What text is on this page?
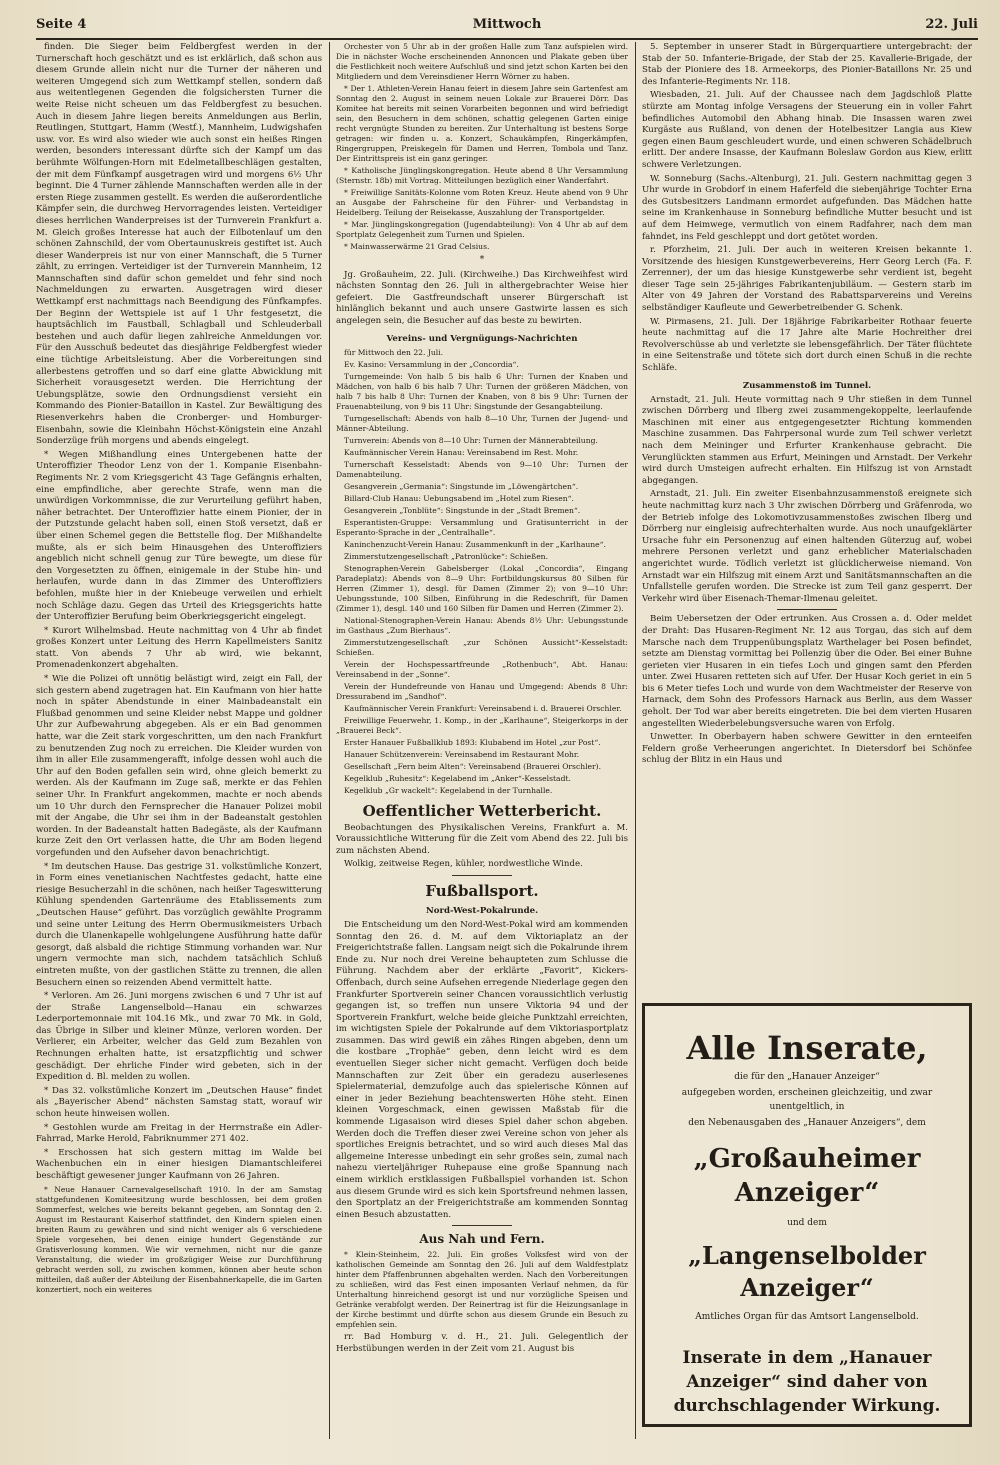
Seite 4	Mittwoch	22. Juli

finden. Die Sieger beim Feldbergfest werden in der Turnerschaft hoch geschätzt und es ist erklärlich, daß schon aus diesem Grunde allein nicht nur die Turner der näheren und weiteren Umgegend sich zum Wettkampf stellen, sondern daß aus weitentlegenen Gegenden die folgsichersten Turner die weite Reise nicht scheuen um das Feldbergfest zu besuchen. Auch in diesem Jahre liegen bereits Anmeldungen aus Berlin, Reutlingen, Stuttgart, Hamm (Westf.), Mannheim, Ludwigshafen usw. vor. Es wird also wieder wie auch sonst ein heißes Ringen werden, besonders interessant dürfte sich der Kampf um das berühmte Wölfungen-Horn mit Edelmetallbeschlägen gestalten, der mit dem Fünfkampf ausgetragen wird und morgens 6½ Uhr beginnt. Die 4 Turner zählende Mannschaften werden alle in der ersten Riege zusammen gestellt. Es werden die außerordentliche Kämpfer sein, die durchweg Hervorragendes leisten. Verteidiger dieses herrlichen Wanderpreises ist der Turnverein Frankfurt a. M. Gleich großes Interesse hat auch der Eilbotenlauf um den schönen Zahnschild, der vom Obertaunuskreis gestiftet ist. Auch dieser Wanderpreis ist nur von einer Mannschaft, die 5 Turner zählt, zu erringen. Verteidiger ist der Turnverein Mannheim, 12 Mannschaften sind dafür schon gemeldet und fehr sind noch Nachmeldungen zu erwarten. Ausgetragen wird dieser Wettkampf erst nachmittags nach Beendigung des Fünfkampfes. Der Beginn der Wettspiele ist auf 1 Uhr festgesetzt, die hauptsächlich im Faustball, Schlagball und Schleuderball bestehen und auch dafür liegen zahlreiche Anmeldungen vor. Für den Ausschuß bedeutet das diesjährige Feldbergfest wieder eine tüchtige Arbeitsleistung. Aber die Vorbereitungen sind allerbestens getroffen und so darf eine glatte Abwicklung mit Sicherheit vorausgesetzt werden. Die Herrichtung der Uebungsplätze, sowie den Ordnungsdienst versieht ein Kommando des Pionier-Bataillon in Kastel. Zur Bewältigung des Riesenverkehrs haben die Cronberger- und Homburger-Eisenbahn, sowie die Kleinbahn Höchst-Königstein eine Anzahl Sonderzüge früh morgens und abends eingelegt.

* Wegen Mißhandlung eines Untergebenen hatte der Unteroffizier Theodor Lenz von der 1. Kompanie Eisenbahn-Regiments Nr. 2 vom Kriegsgericht 43 Tage Gefängnis erhalten, eine empfindliche, aber gerechte Strafe, wenn man die unwürdigen Vorkommnisse, die zur Verurteilung geführt haben, näher betrachtet. Der Unteroffizier hatte einem Pionier, der in der Putzstunde gelacht haben soll, einen Stoß versetzt, daß er über einen Schemel gegen die Bettstelle flog. Der Mißhandelte mußte, als er sich beim Hinausgehen des Unteroffiziers angeblich nicht schnell genug zur Türe bewegte, um diese für den Vorgesetzten zu öffnen, einigemale in der Stube hin- und herlaufen, wurde dann in das Zimmer des Unteroffiziers befohlen, mußte hier in der Kniebeuge verweilen und erhielt noch Schläge dazu. Gegen das Urteil des Kriegsgerichts hatte der Unteroffizier Berufung beim Oberkriegsgericht eingelegt.

* Kurort Wilhelmsbad. Heute nachmittag von 4 Uhr ab findet großes Konzert unter Leitung des Herrn Kapellmeisters Sanitz statt. Von abends 7 Uhr ab wird, wie bekannt, Promenadenkonzert abgehalten.

* Wie die Polizei oft unnötig belästigt wird, zeigt ein Fall, der sich gestern abend zugetragen hat. Ein Kaufmann von hier hatte noch in später Abendstunde in einer Mainbadeanstalt ein Flußbad genommen und seine Kleider nebst Mappe und goldner Uhr zur Aufbewahrung abgegeben. Als er ein Bad genommen hatte, war die Zeit stark vorgeschritten, um den nach Frankfurt zu benutzenden Zug noch zu erreichen. Die Kleider wurden von ihm in aller Eile zusammengerafft, infolge dessen wohl auch die Uhr auf den Boden gefallen sein wird, ohne gleich bemerkt zu werden. Als der Kaufmann im Zuge saß, merkte er das Fehlen seiner Uhr. In Frankfurt angekommen, machte er noch abends um 10 Uhr durch den Fernsprecher die Hanauer Polizei mobil mit der Angabe, die Uhr sei ihm in der Badeanstalt gestohlen worden. In der Badeanstalt hatten Badegäste, als der Kaufmann kurze Zeit den Ort verlassen hatte, die Uhr am Boden liegend vorgefunden und den Aufseher davon benachrichtigt.

* Im deutschen Hause. Das gestrige 31. volkstümliche Konzert, in Form eines venetianischen Nachtfestes gedacht, hatte eine riesige Besucherzahl in die schönen, nach heißer Tageswitterung Kühlung spendenden Gartenräume des Etablissements zum „Deutschen Hause“ geführt. Das vorzüglich gewählte Programm und seine unter Leitung des Herrn Obermusikmeisters Urbach durch die Ulanenkapelle wohlgelungene Ausführung hatte dafür gesorgt, daß alsbald die richtige Stimmung vorhanden war. Nur ungern vermochte man sich, nachdem tatsächlich Schluß eintreten mußte, von der gastlichen Stätte zu trennen, die allen Besuchern einen so reizenden Abend vermittelt hatte.

* Verloren. Am 26. Juni morgens zwischen 6 und 7 Uhr ist auf der Straße Langenselbold—Hanau ein schwarzes Lederportemonnaie mit 104.16 Mk., und zwar 70 Mk. in Gold, das Übrige in Silber und kleiner Münze, verloren worden. Der Verlierer, ein Arbeiter, welcher das Geld zum Bezahlen von Rechnungen erhalten hatte, ist ersatzpflichtig und schwer geschädigt. Der ehrliche Finder wird gebeten, sich in der Expedition d. Bl. melden zu wollen.

* Das 32. volkstümliche Konzert im „Deutschen Hause“ findet als „Bayerischer Abend“ nächsten Samstag statt, worauf wir schon heute hinweisen wollen.

* Gestohlen wurde am Freitag in der Herrnstraße ein Adler-Fahrrad, Marke Herold, Fabriknummer 271 402.

* Erschossen hat sich gestern mittag im Walde bei Wachenbuchen ein in einer hiesigen Diamantschleiferei beschäftigt gewesener junger Kaufmann von 26 Jahren.

* Neue Hanauer Carnevalgesellschaft 1910. In der am Samstag stattgefundenen Komiteesitzung wurde beschlossen, bei dem großen Sommerfest, welches wie bereits bekannt gegeben, am Sonntag den 2. August im Restaurant Kaiserhof stattfindet, den Kindern spielen einen breiten Raum zu gewähren und sind nicht weniger als 6 verschiedene Spiele vorgesehen, bei denen einige hundert Gegenstände zur Gratisverlosung kommen. Wie wir vernehmen, nicht nur die ganze Veranstaltung, die wieder im großzügiger Weise zur Durchführung gebracht werden soll, zu zwischen kommen, können aber heute schon mitteilen, daß außer der Abteilung der Eisenbahnerkapelle, die im Garten konzertiert, noch ein weiteres

Orchester von 5 Uhr ab in der großen Halle zum Tanz aufspielen wird. Die in nächster Woche erscheinenden Annoncen und Plakate geben über die Festlichkeit noch weitere Aufschluß und sind jetzt schon Karten bei den Mitgliedern und dem Vereinsdiener Herrn Wörner zu haben.

* Der 1. Athleten-Verein Hanau feiert in diesem Jahre sein Gartenfest am Sonntag den 2. August in seinem neuen Lokale zur Brauerei Dörr. Das Komitee hat bereits mit seinen Vorarbeiten begonnen und wird befriedigt sein, den Besuchern in dem schönen, schattig gelegenen Garten einige recht vergnügte Stunden zu bereiten. Zur Unterhaltung ist bestens Sorge getragen: wir finden u. a. Konzert, Schaukämpfen, Ringerkämpfen, Ringergruppen, Preiskegeln für Damen und Herren, Tombola und Tanz. Der Eintrittspreis ist ein ganz geringer.

* Katholische Jünglingskongregation. Heute abend 8 Uhr Versammlung (Sternstr. 18b) mit Vortrag. Mitteilungen bezüglich einer Wanderfahrt.

* Freiwillige Sanitäts-Kolonne vom Roten Kreuz. Heute abend von 9 Uhr an Ausgabe der Fahrscheine für den Führer- und Verbandstag in Heidelberg. Teilung der Reisekasse, Auszahlung der Transportgelder.

* Mar. Jünglingskongregation (Jugendabteilung): Von 4 Uhr ab auf dem Sportplatz Gelegenheit zum Turnen und Spielen.

* Mainwasserwärme 21 Grad Celsius.

*

Jg. Großauheim, 22. Juli. (Kirchweihe.) Das Kirchweihfest wird nächsten Sonntag den 26. Juli in althergebrachter Weise hier gefeiert. Die Gastfreundschaft unserer Bürgerschaft ist hinlänglich bekannt und auch unsere Gastwirte lassen es sich angelegen sein, die Besucher auf das beste zu bewirten.

Vereins- und Vergnügungs-Nachrichten

für Mittwoch den 22. Juli.

Ev. Kasino: Versammlung in der „Concordia“.

Turngemeinde: Von halb 5 bis halb 6 Uhr: Turnen der Knaben und Mädchen, von halb 6 bis halb 7 Uhr: Turnen der größeren Mädchen, von halb 7 bis halb 8 Uhr: Turnen der Knaben, von 8 bis 9 Uhr: Turnen der Frauenabteilung, von 9 bis 11 Uhr: Singstunde der Gesangabteilung.

Turngesellschaft: Abends von halb 8—10 Uhr, Turnen der Jugend- und Männer-Abteilung.

Turnverein: Abends von 8—10 Uhr: Turnen der Männerabteilung.

Kaufmännischer Verein Hanau: Vereinsabend im Rest. Mohr.

Turnerschaft Kesselstadt: Abends von 9—10 Uhr: Turnen der Damenabteilung.

Gesangverein „Germania“: Singstunde im „Löwengärtchen“.

Billard-Club Hanau: Uebungsabend im „Hotel zum Riesen“.

Gesangverein „Tonblüte“: Singstunde in der „Stadt Bremen“.

Esperantisten-Gruppe: Versammlung und Gratisunterricht in der Esperanto-Sprache in der „Centralhalle“.

Kaninchenzucht-Verein Hanau: Zusammenkunft in der „Karlhaune“.

Zimmerstutzengesellschaft „Patronlücke“: Schießen.

Stenographen-Verein Gabelsberger (Lokal „Concordia“, Eingang Paradeplatz): Abends von 8—9 Uhr: Fortbildungskursus 80 Silben für Herren (Zimmer 1), desgl. für Damen (Zimmer 2); von 9—10 Uhr: Uebungsstunde, 100 Silben, Einführung in die Redeschrift, für Damen (Zimmer 1), desgl. 140 und 160 Silben für Damen und Herren (Zimmer 2).

National-Stenographen-Verein Hanau: Abends 8½ Uhr: Uebungsstunde im Gasthaus „Zum Bierhaus“.

Zimmerstutzengesellschaft „zur Schönen Aussicht“-Kesselstadt: Schießen.

Verein der Hochspessartfreunde „Rothenbuch“, Abt. Hanau: Vereinsabend in der „Sonne“.

Verein der Hundefreunde von Hanau und Umgegend: Abends 8 Uhr: Dressurabend im „Sandhof“.

Kaufmännischer Verein Frankfurt: Vereinsabend i. d. Brauerei Orschler.

Freiwillige Feuerwehr, 1. Komp., in der „Karlhaune“, Steigerkorps in der „Brauerei Beck“.

Erster Hanauer Fußballklub 1893: Klubabend im Hotel „zur Post“.

Hanauer Schützenverein: Vereinsabend im Restaurant Mohr.

Gesellschaft „Fern beim Alten“: Vereinsabend (Brauerei Orschler).

Kegelklub „Ruhesitz“: Kegelabend im „Anker“-Kesselstadt.

Kegelklub „Gr wackelt“: Kegelabend in der Turnhalle.

Oeffentlicher Wetterbericht.

Beobachtungen des Physikalischen Vereins, Frankfurt a. M. Voraussichtliche Witterung für die Zeit vom Abend des 22. Juli bis zum nächsten Abend.

Wolkig, zeitweise Regen, kühler, nordwestliche Winde.

Fußballsport.
Nord-West-Pokalrunde.

Die Entscheidung um den Nord-West-Pokal wird am kommenden Sonntag den 26. d. M. auf dem Viktoriaplatz an der Freigerichtstraße fallen. Langsam neigt sich die Pokalrunde ihrem Ende zu. Nur noch drei Vereine behaupteten zum Schlusse die Führung. Nachdem aber der erklärte „Favorit“, Kickers-Offenbach, durch seine Aufsehen erregende Niederlage gegen den Frankfurter Sportverein seiner Chancen voraussichtlich verlustig gegangen ist, so treffen nun unsere Viktoria 94 und der Sportverein Frankfurt, welche beide gleiche Punktzahl erreichten, im wichtigsten Spiele der Pokalrunde auf dem Viktoriasportplatz zusammen. Das wird gewiß ein zähes Ringen abgeben, denn um die kostbare „Trophäe“ geben, denn leicht wird es dem eventuellen Sieger sicher nicht gemacht. Verfügen doch beide Mannschaften zur Zeit über ein geradezu auserlesenes Spielermaterial, demzufolge auch das spielerische Können auf einer in jeder Beziehung beachtenswerten Höhe steht. Einen kleinen Vorgeschmack, einen gewissen Maßstab für die kommende Ligasaison wird dieses Spiel daher schon abgeben. Werden doch die Treffen dieser zwei Vereine schon von jeher als sportliches Ereignis betrachtet, und so wird auch dieses Mal das allgemeine Interesse unbedingt ein sehr großes sein, zumal nach nahezu vierteljähriger Ruhepause eine große Spannung nach einem wirklich erstklassigen Fußballspiel vorhanden ist. Schon aus diesem Grunde wird es sich kein Sportsfreund nehmen lassen, den Sportplatz an der Freigerichtstraße am kommenden Sonntag einen Besuch abzustatten.

Aus Nah und Fern.

* Klein-Steinheim, 22. Juli. Ein großes Volksfest wird von der katholischen Gemeinde am Sonntag den 26. Juli auf dem Waldfestplatz hinter dem Pfaffenbrunnen abgehalten werden. Nach den Vorbereitungen zu schließen, wird das Fest einen imposanten Verlauf nehmen, da für Unterhaltung hinreichend gesorgt ist und nur vorzügliche Speisen und Getränke verabfolgt werden. Der Reinertrag ist für die Heizungsanlage in der Kirche bestimmt und dürfte schon aus diesem Grunde ein Besuch zu empfehlen sein.

rr. Bad Homburg v. d. H., 21. Juli. Gelegentlich der Herbstübungen werden in der Zeit vom 21. August bis

5. September in unserer Stadt in Bürgerquartiere untergebracht: der Stab der 50. Infanterie-Brigade, der Stab der 25. Kavallerie-Brigade, der Stab der Pioniere des 18. Armeekorps, des Pionier-Bataillons Nr. 25 und des Infanterie-Regiments Nr. 118.

Wiesbaden, 21. Juli. Auf der Chaussee nach dem Jagdschloß Platte stürzte am Montag infolge Versagens der Steuerung ein in voller Fahrt befindliches Automobil den Abhang hinab. Die Insassen waren zwei Kurgäste aus Rußland, von denen der Hotelbesitzer Langia aus Kiew gegen einen Baum geschleudert wurde, und einen schweren Schädelbruch erlitt. Der andere Insasse, der Kaufmann Boleslaw Gordon aus Kiew, erlitt schwere Verletzungen.

W. Sonneburg (Sachs.-Altenburg), 21. Juli. Gestern nachmittag gegen 3 Uhr wurde in Grobdorf in einem Haferfeld die siebenjährige Tochter Erna des Gutsbesitzers Landmann ermordet aufgefunden. Das Mädchen hatte seine im Krankenhause in Sonneburg befindliche Mutter besucht und ist auf dem Heimwege, vermutlich von einem Radfahrer, nach dem man fahndet, ins Feld geschleppt und dort getötet worden.

r. Pforzheim, 21. Juli. Der auch in weiteren Kreisen bekannte 1. Vorsitzende des hiesigen Kunstgewerbevereins, Herr Georg Lerch (Fa. F. Zerrenner), der um das hiesige Kunstgewerbe sehr verdient ist, begeht dieser Tage sein 25-jähriges Fabrikantenjubiläum. — Gestern starb im Alter von 49 Jahren der Vorstand des Rabattsparvereins und Vereins selbständiger Kaufleute und Gewerbetreibender G. Schenk.

W. Pirmasens, 21. Juli. Der 18jährige Fabrikarbeiter Rothaar feuerte heute nachmittag auf die 17 Jahre alte Marie Hochreither drei Revolverschüsse ab und verletzte sie lebensgefährlich. Der Täter flüchtete in eine Seitenstraße und tötete sich dort durch einen Schuß in die rechte Schläfe.

Zusammenstoß im Tunnel.

Arnstadt, 21. Juli. Heute vormittag nach 9 Uhr stießen in dem Tunnel zwischen Dörrberg und Ilberg zwei zusammengekoppelte, leerlaufende Maschinen mit einer aus entgegengesetzter Richtung kommenden Maschine zusammen. Das Fahrpersonal wurde zum Teil schwer verletzt nach dem Meininger und Erfurter Krankenhause gebracht. Die Verunglückten stammen aus Erfurt, Meiningen und Arnstadt. Der Verkehr wird durch Umsteigen aufrecht erhalten. Ein Hilfszug ist von Arnstadt abgegangen.

Arnstadt, 21. Juli. Ein zweiter Eisenbahnzusammenstoß ereignete sich heute nachmittag kurz nach 3 Uhr zwischen Dörrberg und Gräfenroda, wo der Betrieb infolge des Lokomotivzusammenstoßes zwischen Ilberg und Dörrberg nur eingleisig aufrechterhalten wurde. Aus noch unaufgeklärter Ursache fuhr ein Personenzug auf einen haltenden Güterzug auf, wobei mehrere Personen verletzt und ganz erheblicher Materialschaden angerichtet wurde. Tödlich verletzt ist glücklicherweise niemand. Von Arnstadt war ein Hilfszug mit einem Arzt und Sanitätsmannschaften an die Unfallstelle gerufen worden. Die Strecke ist zum Teil ganz gesperrt. Der Verkehr wird über Eisenach-Themar-Ilmenau geleitet.

Beim Uebersetzen der Oder ertrunken. Aus Crossen a. d. Oder meldet der Draht: Das Husaren-Regiment Nr. 12 aus Torgau, das sich auf dem Marsche nach dem Truppenübungsplatz Warthelager bei Posen befindet, setzte am Dienstag vormittag bei Pollenzig über die Oder. Bei einer Buhne gerieten vier Husaren in ein tiefes Loch und gingen samt den Pferden unter. Zwei Husaren retteten sich auf Ufer. Der Husar Koch geriet in ein 5 bis 6 Meter tiefes Loch und wurde von dem Wachtmeister der Reserve von Harnack, dem Sohn des Professors Harnack aus Berlin, aus dem Wasser geholt. Der Tod war aber bereits eingetreten. Die bei dem vierten Husaren angestellten Wiederbelebungsversuche waren von Erfolg.

Unwetter. In Oberbayern haben schwere Gewitter in den ernteeifen Feldern große Verheerungen angerichtet. In Dietersdorf bei Schönfee schlug der Blitz in ein Haus und

Alle Inserate,
die für den „Hanauer Anzeiger“
aufgegeben worden, erscheinen gleichzeitig, und zwar unentgeltlich, in
den Nebenausgaben des „Hanauer Anzeigers“, dem
„Großauheimer Anzeiger“
und dem
„Langenselbolder Anzeiger“
Amtliches Organ für das Amtsort Langenselbold.
Inserate in dem „Hanauer Anzeiger“ sind daher von durchschlagender Wirkung.
